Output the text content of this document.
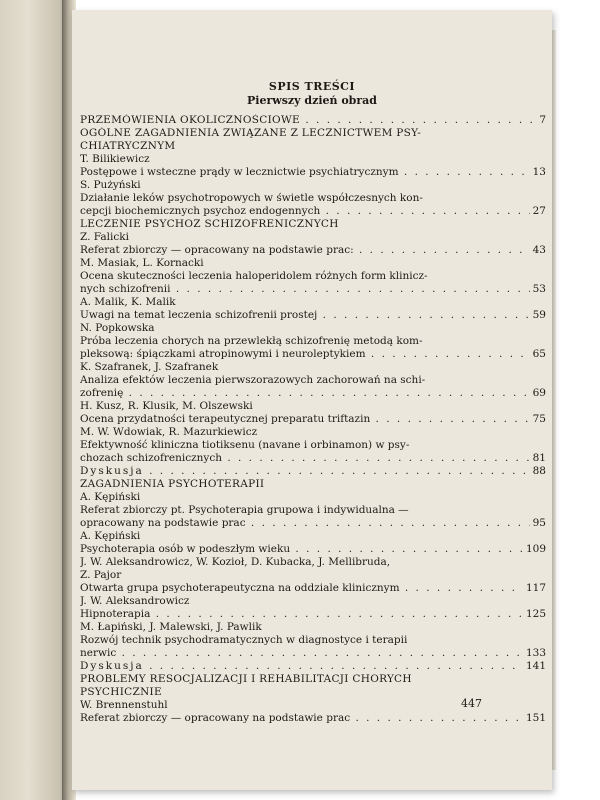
SPIS TREŚCI
Pierwszy dzień obrad
PRZEMÓWIENIA OKOLICZNOŚCIOWE . . .	7
OGÓLNE ZAGADNIENIA ZWIĄZANE Z LECZNICTWEM PSY-
CHIATRYCZNYM
T. Bilikiewicz
Postępowe i wsteczne prądy w lecznictwie psychiatrycznym . . .	13
S. Pużyński
Działanie leków psychotropowych w świetle współczesnych kon-
cepcji biochemicznych psychoz endogennych . . .	27
LECZENIE PSYCHOZ SCHIZOFRENICZNYCH
Z. Falicki
Referat zbiorczy — opracowany na podstawie prac: . . .	43
M. Masiak, L. Kornacki
Ocena skuteczności leczenia haloperidolem różnych form klinicz-
nych schizofrenii . . .	53
A. Malik, K. Malik
Uwagi na temat leczenia schizofrenii prostej . . .	59
N. Popkowska
Próba leczenia chorych na przewlekłą schizofrenię metodą kom-
pleksową: śpiączkami atropinowymi i neuroleptykiem . . .	65
K. Szafranek, J. Szafranek
Analiza efektów leczenia pierwszorazowych zachorowań na schi-
zofrenię . . .	69
H. Kusz, R. Klusik, M. Olszewski
Ocena przydatności terapeutycznej preparatu triftazin . . .	75
M. W. Wdowiak, R. Mazurkiewicz
Efektywność kliniczna tiotiksenu (navane i orbinamon) w psy-
chozach schizofrenicznych . . .	81
Dyskusja . . .	88
ZAGADNIENIA PSYCHOTERAPII
A. Kępiński
Referat zbiorczy pt. Psychoterapia grupowa i indywidualna —
opracowany na podstawie prac . . .	95
A. Kępiński
Psychoterapia osób w podeszłym wieku . . .	109
J. W. Aleksandrowicz, W. Kozioł, D. Kubacka, J. Mellibruda,
Z. Pajor
Otwarta grupa psychoterapeutyczna na oddziale klinicznym . . .	117
J. W. Aleksandrowicz
Hipnoterapia . . .	125
M. Łapiński, J. Malewski, J. Pawlik
Rozwój technik psychodramatycznych w diagnostyce i terapii
nerwic . . .	133
Dyskusja . . .	141
PROBLEMY RESOCJALIZACJI I REHABILITACJI CHORYCH
PSYCHICZNIE
W. Brennenstuhl
Referat zbiorczy — opracowany na podstawie prac . . .	151
447
